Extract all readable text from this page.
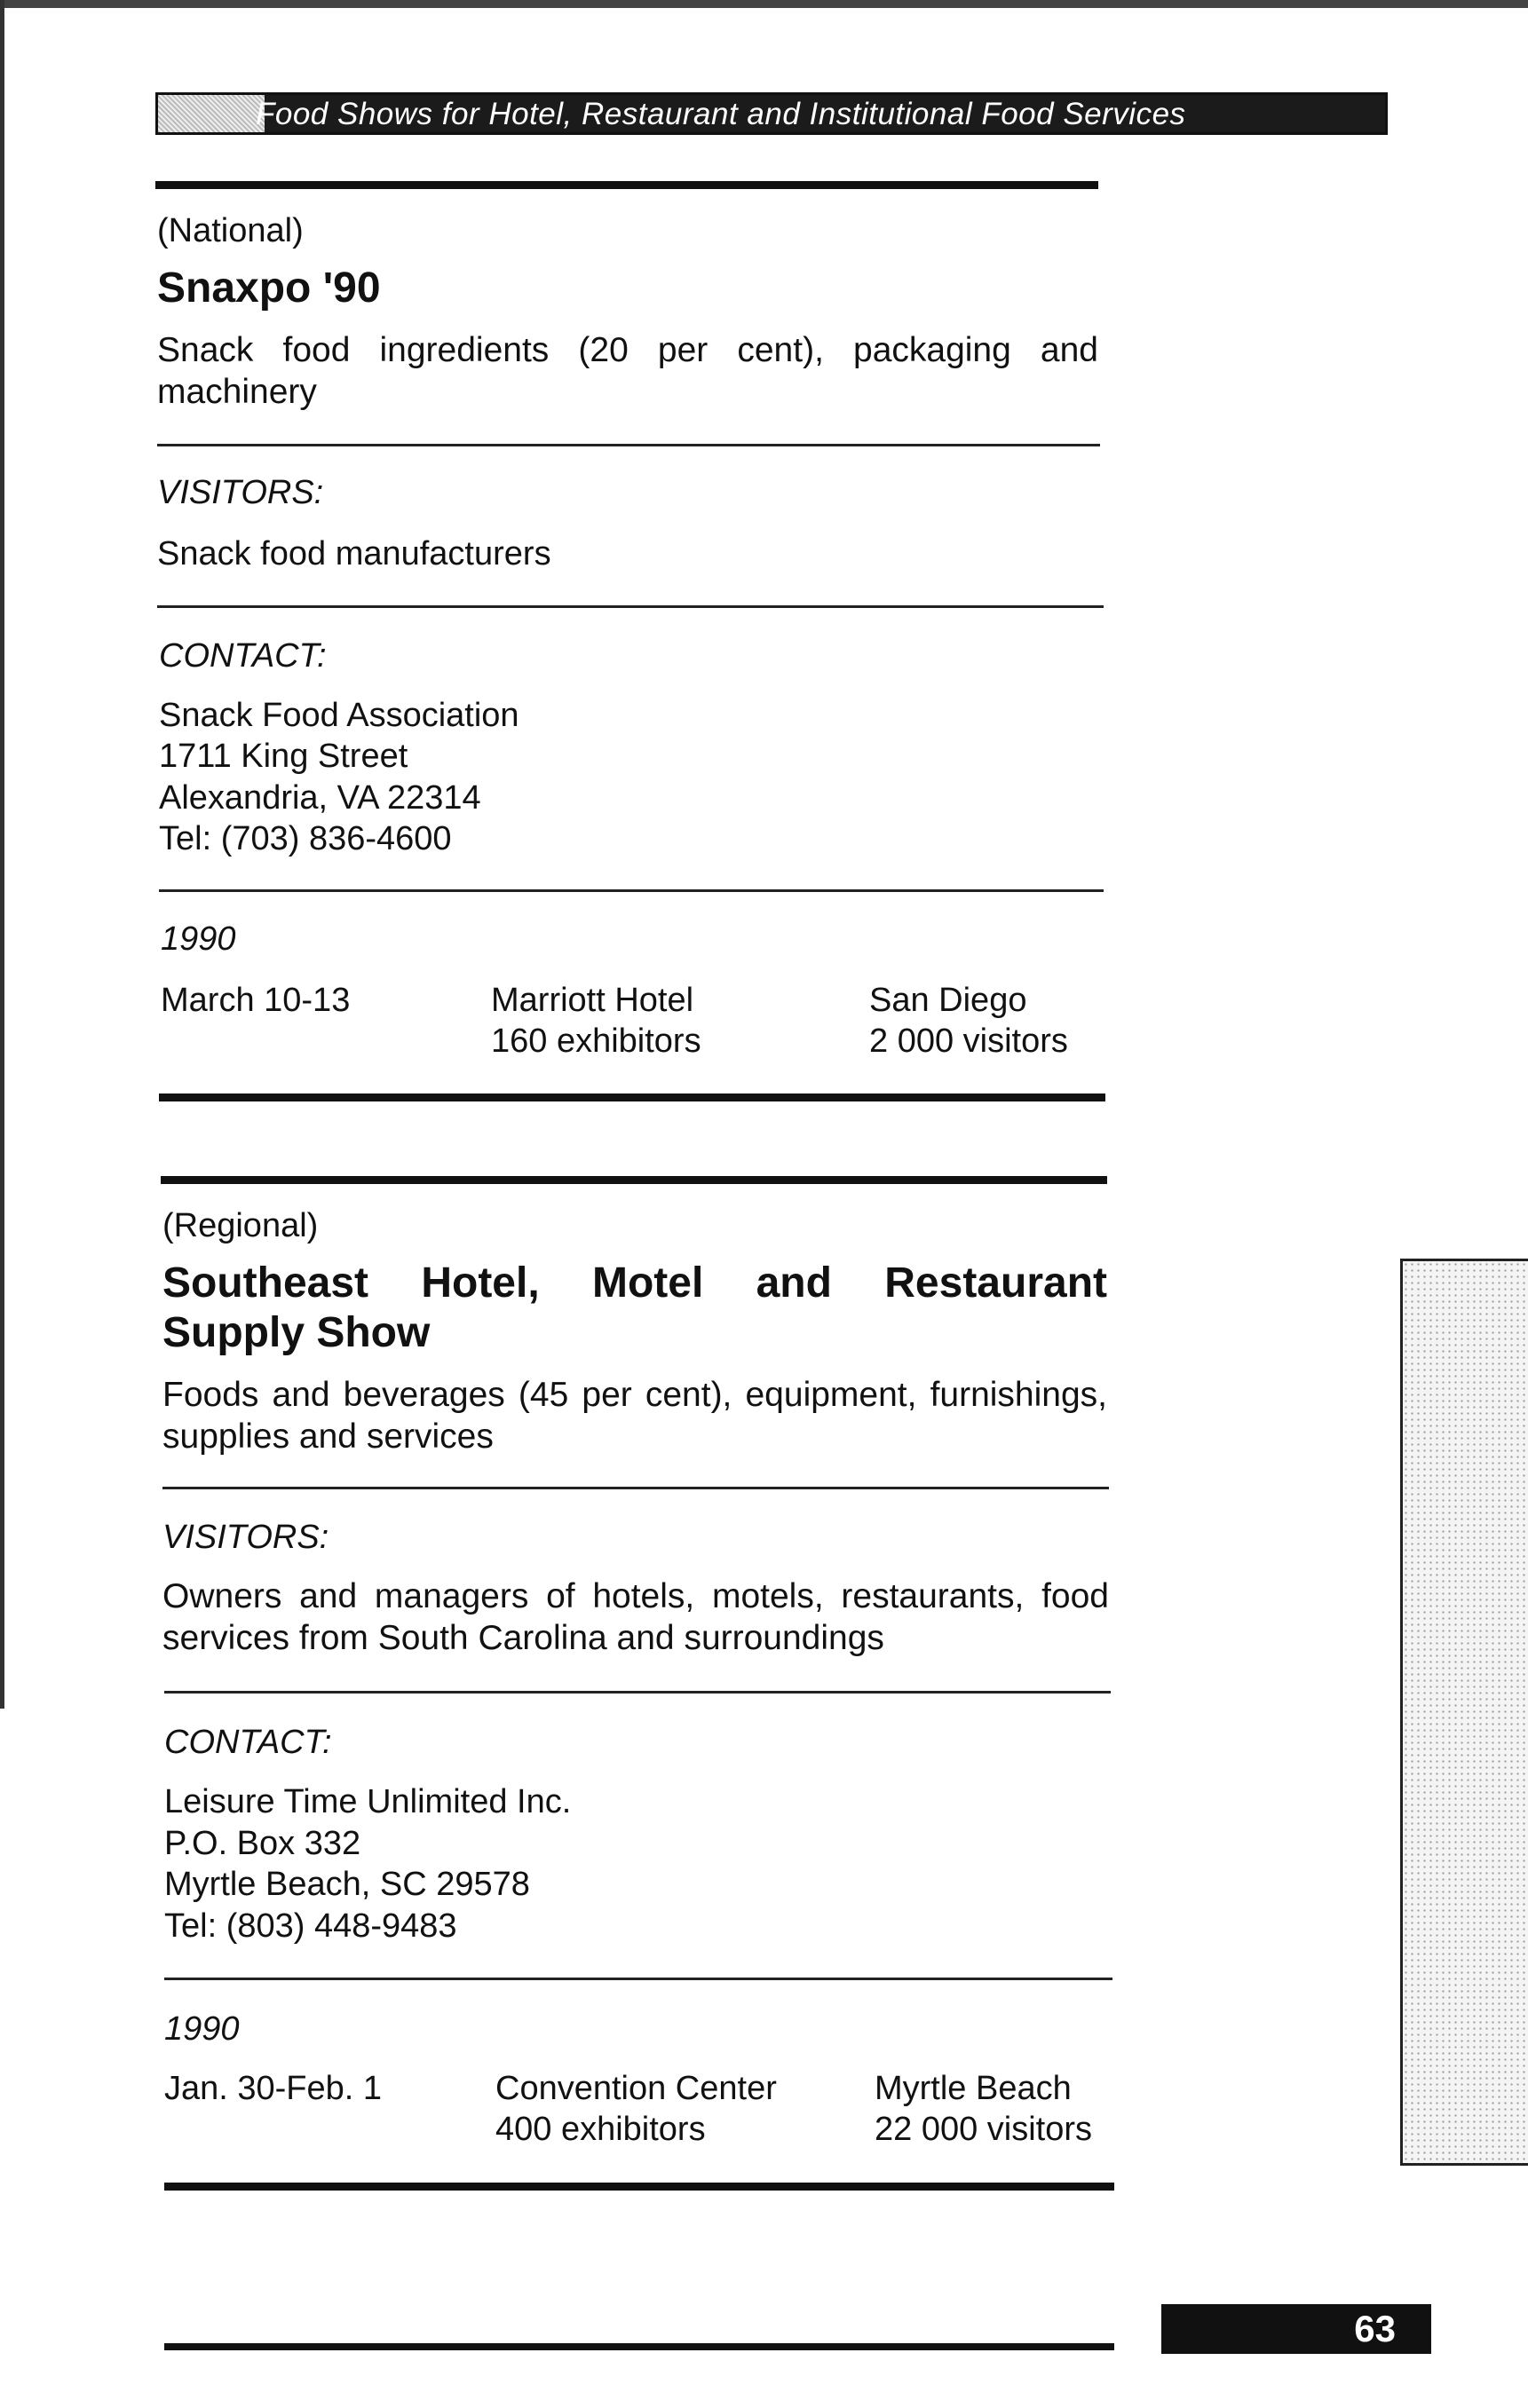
Food Shows for Hotel, Restaurant and Institutional Food Services
(National)
Snaxpo '90
Snack food ingredients (20 per cent), packaging and machinery
VISITORS:
Snack food manufacturers
CONTACT:
Snack Food Association
1711 King Street
Alexandria, VA 22314
Tel: (703) 836-4600
1990
March 10-13	Marriott Hotel
160 exhibitors
San Diego
2 000 visitors
(Regional)
Southeast Hotel, Motel and Restaurant
Supply Show
Foods and beverages (45 per cent), equipment, furnishings,
supplies and services
VISITORS:
Owners and managers of hotels, motels, restaurants, food
services from South Carolina and surroundings
CONTACT:
Leisure Time Unlimited Inc.
P.O. Box 332
Myrtle Beach, SC 29578
Tel: (803) 448-9483
1990
Jan. 30-Feb. 1	Convention Center
400 exhibitors
Myrtle Beach
22 000 visitors
63
